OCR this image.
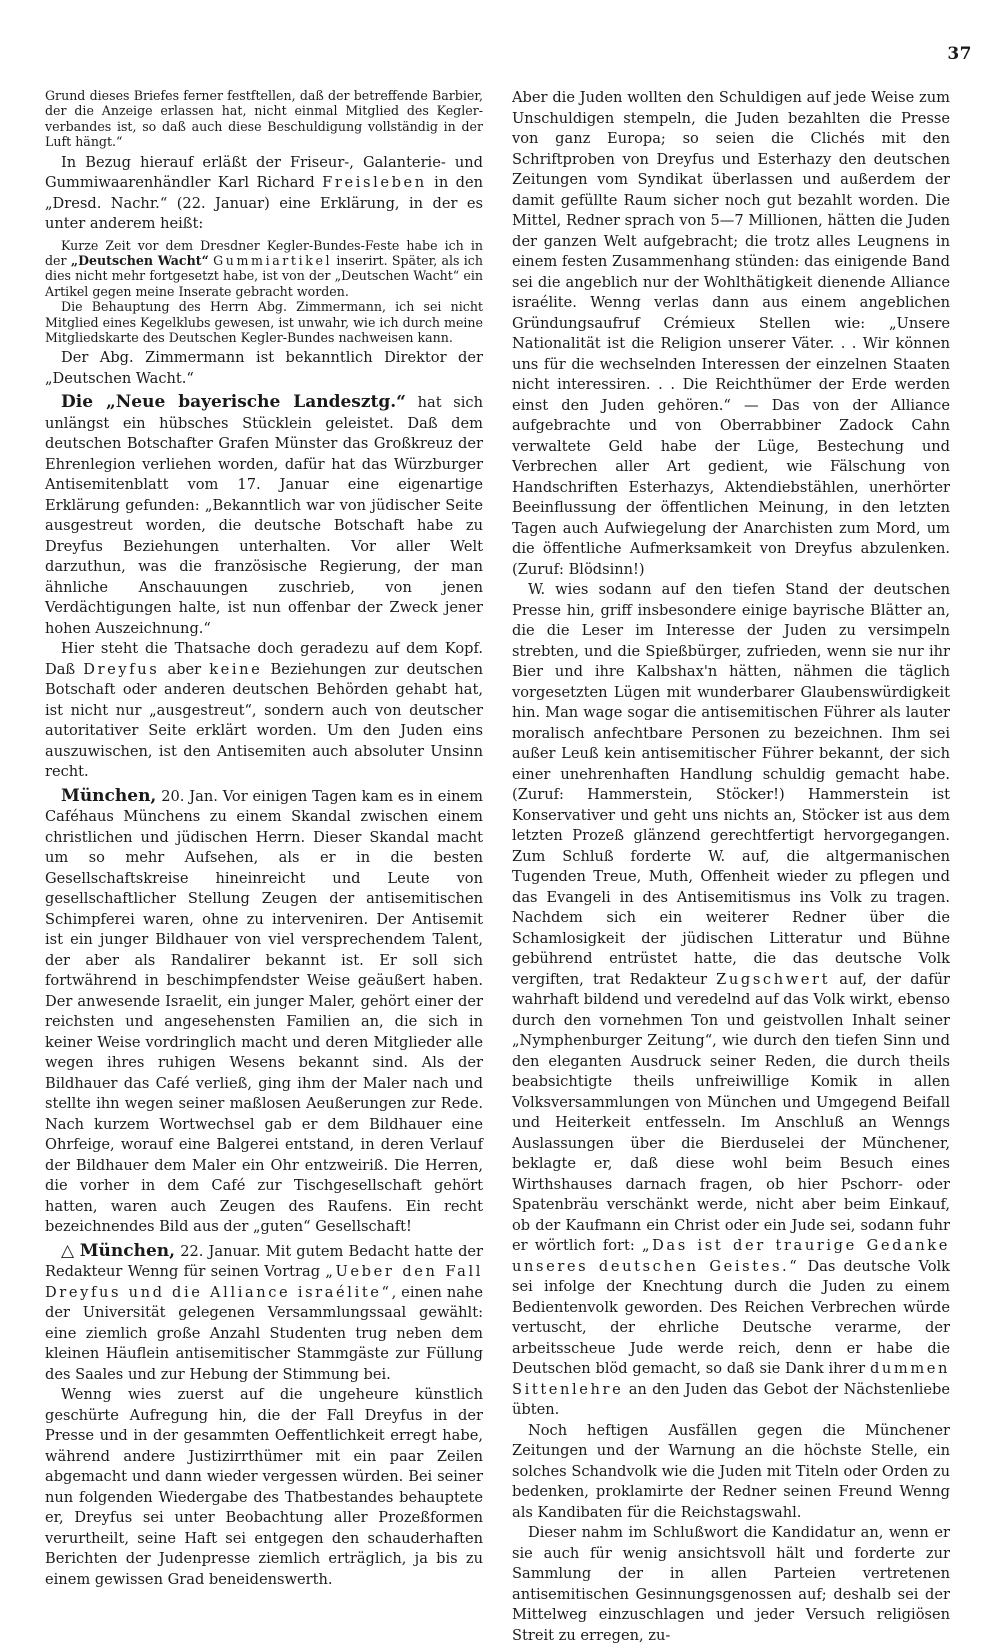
37

Grund dieses Briefes ferner festftellen, daß der betreffende Barbier, der die Anzeige erlassen hat, nicht einmal Mitglied des Kegler-verbandes ist, so daß auch diese Beschuldigung vollständig in der Luft hängt.“

In Bezug hierauf erläßt der Friseur-, Galanterie- und Gummiwaarenhändler Karl Richard Freisleben in den „Dresd. Nachr.“ (22. Januar) eine Erklärung, in der es unter anderem heißt:

Kurze Zeit vor dem Dresdner Kegler-Bundes-Feste habe ich in der „Deutschen Wacht“ Gummiartikel inserirt. Später, als ich dies nicht mehr fortgesetzt habe, ist von der „Deutschen Wacht“ ein Artikel gegen meine Inserate gebracht worden.

Die Behauptung des Herrn Abg. Zimmermann, ich sei nicht Mitglied eines Kegelklubs gewesen, ist unwahr, wie ich durch meine Mitgliedskarte des Deutschen Kegler-Bundes nachweisen kann.

Der Abg. Zimmermann ist bekanntlich Direktor der „Deutschen Wacht.“

Die „Neue bayerische Landesztg.“ hat sich unlängst ein hübsches Stücklein geleistet. Daß dem deutschen Botschafter Grafen Münster das Großkreuz der Ehrenlegion verliehen worden, dafür hat das Würzburger Antisemitenblatt vom 17. Januar eine eigenartige Erklärung gefunden: „Bekanntlich war von jüdischer Seite ausgestreut worden, die deutsche Botschaft habe zu Dreyfus Beziehungen unterhalten. Vor aller Welt darzuthun, was die französische Regierung, der man ähnliche Anschauungen zuschrieb, von jenen Verdächtigungen halte, ist nun offenbar der Zweck jener hohen Auszeichnung.“

Hier steht die Thatsache doch geradezu auf dem Kopf. Daß Dreyfus aber keine Beziehungen zur deutschen Botschaft oder anderen deutschen Behörden gehabt hat, ist nicht nur „ausgestreut“, sondern auch von deutscher autoritativer Seite erklärt worden. Um den Juden eins auszuwischen, ist den Antisemiten auch absoluter Unsinn recht.

München, 20. Jan. Vor einigen Tagen kam es in einem Caféhaus Münchens zu einem Skandal zwischen einem christlichen und jüdischen Herrn. Dieser Skandal macht um so mehr Aufsehen, als er in die besten Gesellschaftskreise hineinreicht und Leute von gesellschaftlicher Stellung Zeugen der antisemitischen Schimpferei waren, ohne zu interveniren. Der Antisemit ist ein junger Bildhauer von viel versprechendem Talent, der aber als Randalirer bekannt ist. Er soll sich fortwährend in beschimpfendster Weise geäußert haben. Der anwesende Israelit, ein junger Maler, gehört einer der reichsten und angesehensten Familien an, die sich in keiner Weise vordringlich macht und deren Mitglieder alle wegen ihres ruhigen Wesens bekannt sind. Als der Bildhauer das Café verließ, ging ihm der Maler nach und stellte ihn wegen seiner maßlosen Aeußerungen zur Rede. Nach kurzem Wortwechsel gab er dem Bildhauer eine Ohrfeige, worauf eine Balgerei entstand, in deren Verlauf der Bildhauer dem Maler ein Ohr entzweiriß. Die Herren, die vorher in dem Café zur Tischgesellschaft gehört hatten, waren auch Zeugen des Raufens. Ein recht bezeichnendes Bild aus der „guten“ Gesellschaft!

△ München, 22. Januar. Mit gutem Bedacht hatte der Redakteur Wenng für seinen Vortrag „Ueber den Fall Dreyfus und die Alliance israélite“, einen nahe der Universität gelegenen Versammlungssaal gewählt: eine ziemlich große Anzahl Studenten trug neben dem kleinen Häuflein antisemitischer Stammgäste zur Füllung des Saales und zur Hebung der Stimmung bei.

Wenng wies zuerst auf die ungeheure künstlich geschürte Aufregung hin, die der Fall Dreyfus in der Presse und in der gesammten Oeffentlichkeit erregt habe, während andere Justizirrthümer mit ein paar Zeilen abgemacht und dann wieder vergessen würden. Bei seiner nun folgenden Wiedergabe des Thatbestandes behauptete er, Dreyfus sei unter Beobachtung aller Prozeßformen verurtheilt, seine Haft sei entgegen den schauderhaften Berichten der Judenpresse ziemlich erträglich, ja bis zu einem gewissen Grad beneidenswerth.

Aber die Juden wollten den Schuldigen auf jede Weise zum Unschuldigen stempeln, die Juden bezahlten die Presse von ganz Europa; so seien die Clichés mit den Schriftproben von Dreyfus und Esterhazy den deutschen Zeitungen vom Syndikat überlassen und außerdem der damit gefüllte Raum sicher noch gut bezahlt worden. Die Mittel, Redner sprach von 5—7 Millionen, hätten die Juden der ganzen Welt aufgebracht; die trotz alles Leugnens in einem festen Zusammenhang stünden: das einigende Band sei die angeblich nur der Wohlthätigkeit dienende Alliance israélite. Wenng verlas dann aus einem angeblichen Gründungsaufruf Crémieux Stellen wie: „Unsere Nationalität ist die Religion unserer Väter. . . Wir können uns für die wechselnden Interessen der einzelnen Staaten nicht interessiren. . . Die Reichthümer der Erde werden einst den Juden gehören.“ — Das von der Alliance aufgebrachte und von Oberrabbiner Zadock Cahn verwaltete Geld habe der Lüge, Bestechung und Verbrechen aller Art gedient, wie Fälschung von Handschriften Esterhazys, Aktendiebstählen, unerhörter Beeinflussung der öffentlichen Meinung, in den letzten Tagen auch Aufwiegelung der Anarchisten zum Mord, um die öffentliche Aufmerksamkeit von Dreyfus abzulenken. (Zuruf: Blödsinn!)

W. wies sodann auf den tiefen Stand der deutschen Presse hin, griff insbesondere einige bayrische Blätter an, die die Leser im Interesse der Juden zu versimpeln strebten, und die Spießbürger, zufrieden, wenn sie nur ihr Bier und ihre Kalbshax'n hätten, nähmen die täglich vorgesetzten Lügen mit wunderbarer Glaubenswürdigkeit hin. Man wage sogar die antisemitischen Führer als lauter moralisch anfechtbare Personen zu bezeichnen. Ihm sei außer Leuß kein antisemitischer Führer bekannt, der sich einer unehrenhaften Handlung schuldig gemacht habe. (Zuruf: Hammerstein, Stöcker!) Hammerstein ist Konservativer und geht uns nichts an, Stöcker ist aus dem letzten Prozeß glänzend gerechtfertigt hervorgegangen. Zum Schluß forderte W. auf, die altgermanischen Tugenden Treue, Muth, Offenheit wieder zu pflegen und das Evangeli in des Antisemitismus ins Volk zu tragen. Nachdem sich ein weiterer Redner über die Schamlosigkeit der jüdischen Litteratur und Bühne gebührend entrüstet hatte, die das deutsche Volk vergiften, trat Redakteur Zugschwert auf, der dafür wahrhaft bildend und veredelnd auf das Volk wirkt, ebenso durch den vornehmen Ton und geistvollen Inhalt seiner „Nymphenburger Zeitung“, wie durch den tiefen Sinn und den eleganten Ausdruck seiner Reden, die durch theils beabsichtigte theils unfreiwillige Komik in allen Volksversammlungen von München und Umgegend Beifall und Heiterkeit entfesseln. Im Anschluß an Wenngs Auslassungen über die Bierduselei der Münchener, beklagte er, daß diese wohl beim Besuch eines Wirthshauses darnach fragen, ob hier Pschorr- oder Spatenbräu verschänkt werde, nicht aber beim Einkauf, ob der Kaufmann ein Christ oder ein Jude sei, sodann fuhr er wörtlich fort: „Das ist der traurige Gedanke unseres deutschen Geistes.“ Das deutsche Volk sei infolge der Knechtung durch die Juden zu einem Bedientenvolk geworden. Des Reichen Verbrechen würde vertuscht, der ehrliche Deutsche verarme, der arbeitsscheue Jude werde reich, denn er habe die Deutschen blöd gemacht, so daß sie Dank ihrer dummen Sittenlehre an den Juden das Gebot der Nächstenliebe übten.

Noch heftigen Ausfällen gegen die Münchener Zeitungen und der Warnung an die höchste Stelle, ein solches Schandvolk wie die Juden mit Titeln oder Orden zu bedenken, proklamirte der Redner seinen Freund Wenng als Kandibaten für die Reichstagswahl.

Dieser nahm im Schlußwort die Kandidatur an, wenn er sie auch für wenig ansichtsvoll hält und forderte zur Sammlung der in allen Parteien vertretenen antisemitischen Gesinnungsgenossen auf; deshalb sei der Mittelweg einzuschlagen und jeder Versuch religiösen Streit zu erregen, zu-
